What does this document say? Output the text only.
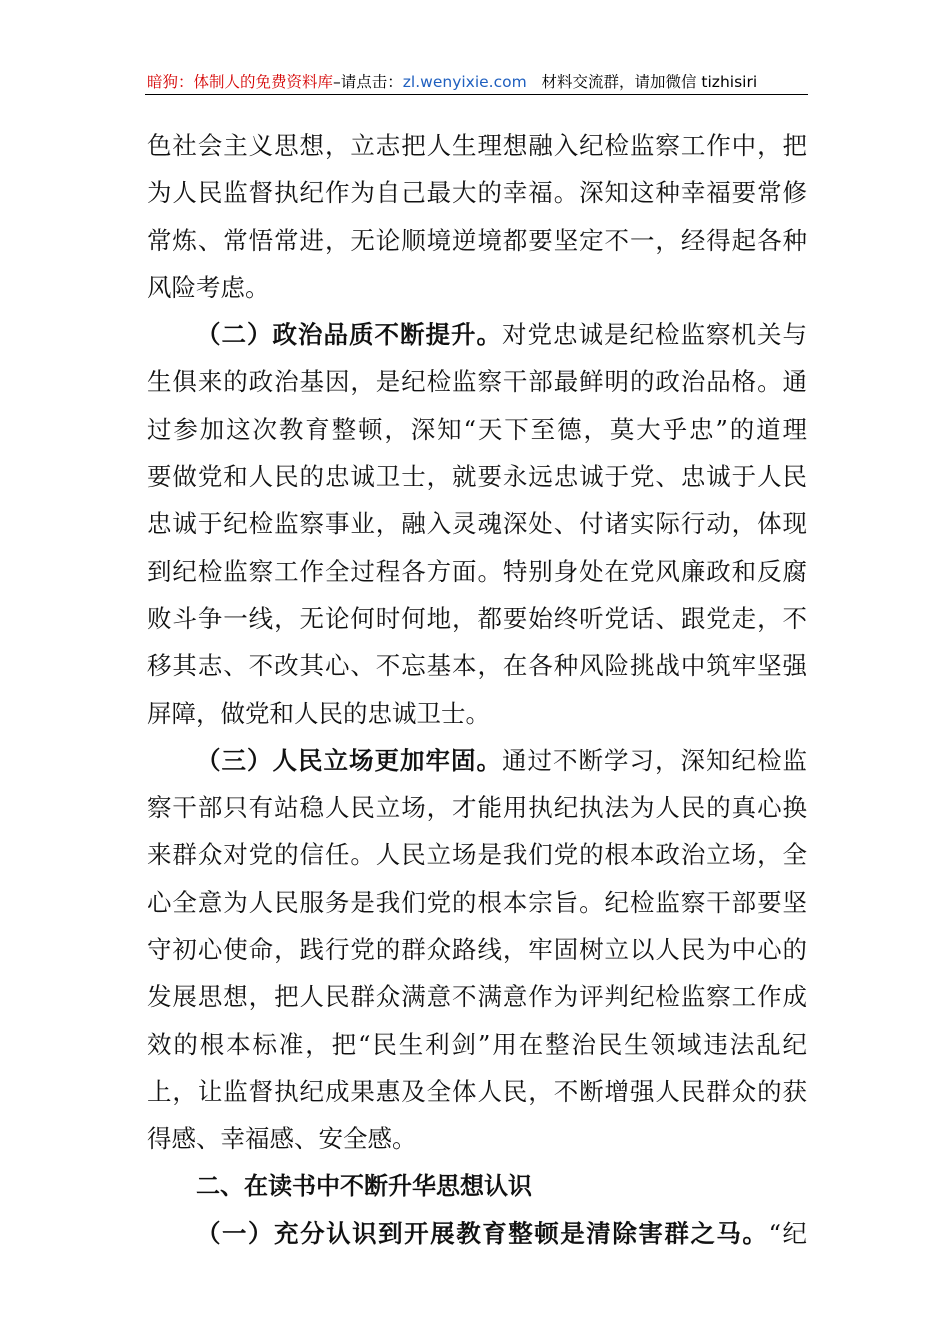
暗狗：体制人的免费资料库–请点击：zl.wenyixie.com 材料交流群，请加微信 tizhisiri
色社会主义思想，立志把人生理想融入纪检监察工作中，把
为人民监督执纪作为自己最大的幸福。深知这种幸福要常修
常炼、常悟常进，无论顺境逆境都要坚定不一，经得起各种
风险考虑。
（二）政治品质不断提升。对党忠诚是纪检监察机关与
生俱来的政治基因，是纪检监察干部最鲜明的政治品格。通
过参加这次教育整顿，深知“天下至德，莫大乎忠”的道理
要做党和人民的忠诚卫士，就要永远忠诚于党、忠诚于人民
忠诚于纪检监察事业，融入灵魂深处、付诸实际行动，体现
到纪检监察工作全过程各方面。特别身处在党风廉政和反腐
败斗争一线，无论何时何地，都要始终听党话、跟党走，不
移其志、不改其心、不忘基本，在各种风险挑战中筑牢坚强
屏障，做党和人民的忠诚卫士。
（三）人民立场更加牢固。通过不断学习，深知纪检监
察干部只有站稳人民立场，才能用执纪执法为人民的真心换
来群众对党的信任。人民立场是我们党的根本政治立场，全
心全意为人民服务是我们党的根本宗旨。纪检监察干部要坚
守初心使命，践行党的群众路线，牢固树立以人民为中心的
发展思想，把人民群众满意不满意作为评判纪检监察工作成
效的根本标准，把“民生利剑”用在整治民生领域违法乱纪
上，让监督执纪成果惠及全体人民，不断增强人民群众的获
得感、幸福感、安全感。
二、在读书中不断升华思想认识
（一）充分认识到开展教育整顿是清除害群之马。“纪
